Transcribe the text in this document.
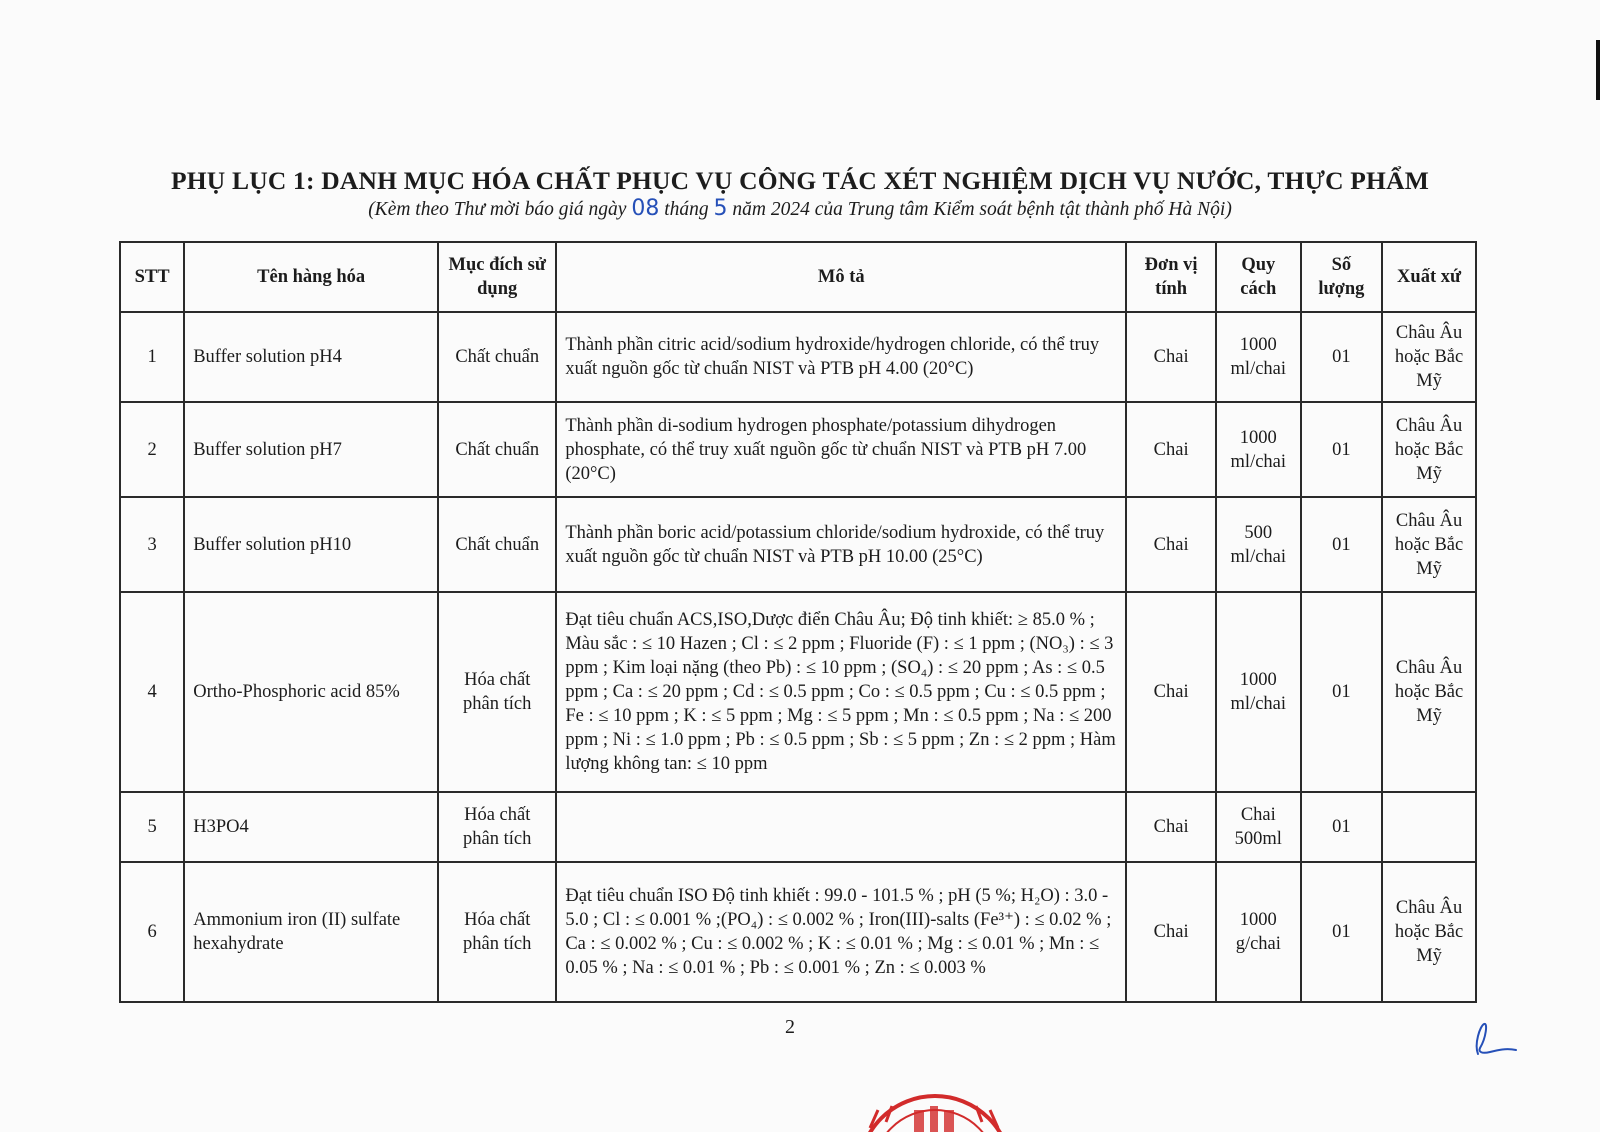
PHỤ LỤC 1: DANH MỤC HÓA CHẤT PHỤC VỤ CÔNG TÁC XÉT NGHIỆM DỊCH VỤ NƯỚC, THỰC PHẨM
(Kèm theo Thư mời báo giá ngày 08 tháng 5 năm 2024 của Trung tâm Kiểm soát bệnh tật thành phố Hà Nội)
STT	Tên hàng hóa	Mục đích sử dụng	Mô tả	Đơn vị tính	Quy cách	Số lượng	Xuất xứ
1	Buffer solution pH4	Chất chuẩn	Thành phần citric acid/sodium hydroxide/hydrogen chloride, có thể truy xuất nguồn gốc từ chuẩn NIST và PTB pH 4.00 (20°C)	Chai	1000 ml/chai	01	Châu Âu hoặc Bắc Mỹ
2	Buffer solution pH7	Chất chuẩn	Thành phần di-sodium hydrogen phosphate/potassium dihydrogen phosphate, có thể truy xuất nguồn gốc từ chuẩn NIST và PTB pH 7.00 (20°C)	Chai	1000 ml/chai	01	Châu Âu hoặc Bắc Mỹ
3	Buffer solution pH10	Chất chuẩn	Thành phần boric acid/potassium chloride/sodium hydroxide, có thể truy xuất nguồn gốc từ chuẩn NIST và PTB pH 10.00 (25°C)	Chai	500 ml/chai	01	Châu Âu hoặc Bắc Mỹ
4	Ortho-Phosphoric acid 85%	Hóa chất phân tích	Đạt tiêu chuẩn ACS,ISO,Dược điển Châu Âu; Độ tinh khiết: ≥ 85.0 % ; Màu sắc : ≤ 10 Hazen ; Cl : ≤ 2 ppm ; Fluoride (F) : ≤ 1 ppm ; (NO₃) : ≤ 3 ppm ; Kim loại nặng (theo Pb) : ≤ 10 ppm ; (SO₄) : ≤ 20 ppm ; As : ≤ 0.5 ppm ; Ca : ≤ 20 ppm ; Cd : ≤ 0.5 ppm ; Co : ≤ 0.5 ppm ; Cu : ≤ 0.5 ppm ; Fe : ≤ 10 ppm ; K : ≤ 5 ppm ; Mg : ≤ 5 ppm ; Mn : ≤ 0.5 ppm ; Na : ≤ 200 ppm ; Ni : ≤ 1.0 ppm ; Pb : ≤ 0.5 ppm ; Sb : ≤ 5 ppm ; Zn : ≤ 2 ppm ; Hàm lượng không tan: ≤ 10 ppm	Chai	1000 ml/chai	01	Châu Âu hoặc Bắc Mỹ
5	H3PO4	Hóa chất phân tích		Chai	Chai 500ml	01	
6	Ammonium iron (II) sulfate hexahydrate	Hóa chất phân tích	Đạt tiêu chuẩn ISO Độ tinh khiết : 99.0 - 101.5 % ; pH (5 %; H₂O) : 3.0 - 5.0 ; Cl : ≤ 0.001 % ;(PO₄) : ≤ 0.002 % ; Iron(III)-salts (Fe³⁺) : ≤ 0.02 % ; Ca : ≤ 0.002 % ; Cu : ≤ 0.002 % ; K : ≤ 0.01 % ; Mg : ≤ 0.01 % ; Mn : ≤ 0.05 % ; Na : ≤ 0.01 % ; Pb : ≤ 0.001 % ; Zn : ≤ 0.003 %	Chai	1000 g/chai	01	Châu Âu hoặc Bắc Mỹ
2
